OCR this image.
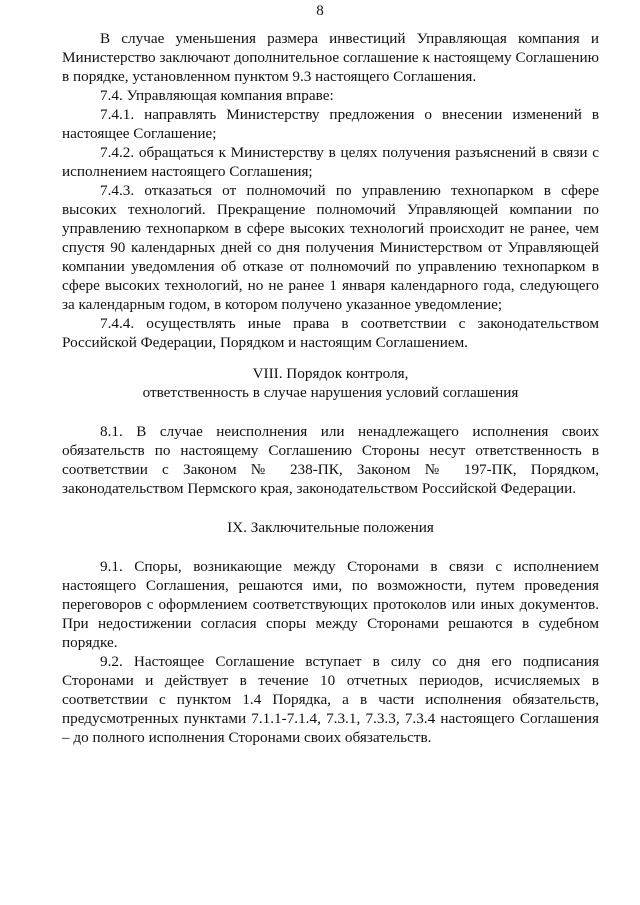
8

В случае уменьшения размера инвестиций Управляющая компания и Министерство заключают дополнительное соглашение к настоящему Соглашению в порядке, установленном пунктом 9.3 настоящего Соглашения.

7.4. Управляющая компания вправе:

7.4.1. направлять Министерству предложения о внесении изменений в настоящее Соглашение;

7.4.2. обращаться к Министерству в целях получения разъяснений в связи с исполнением настоящего Соглашения;

7.4.3. отказаться от полномочий по управлению технопарком в сфере высоких технологий. Прекращение полномочий Управляющей компании по управлению технопарком в сфере высоких технологий происходит не ранее, чем спустя 90 календарных дней со дня получения Министерством от Управляющей компании уведомления об отказе от полномочий по управлению технопарком в сфере высоких технологий, но не ранее 1 января календарного года, следующего за календарным годом, в котором получено указанное уведомление;

7.4.4. осуществлять иные права в соответствии с законодательством Российской Федерации, Порядком и настоящим Соглашением.

VIII. Порядок контроля,

ответственность в случае нарушения условий соглашения

8.1. В случае неисполнения или ненадлежащего исполнения своих обязательств по настоящему Соглашению Стороны несут ответственность в соответствии с Законом № 238-ПК, Законом № 197-ПК, Порядком, законодательством Пермского края, законодательством Российской Федерации.

IX. Заключительные положения

9.1. Споры, возникающие между Сторонами в связи с исполнением настоящего Соглашения, решаются ими, по возможности, путем проведения переговоров с оформлением соответствующих протоколов или иных документов. При недостижении согласия споры между Сторонами решаются в судебном порядке.

9.2. Настоящее Соглашение вступает в силу со дня его подписания Сторонами и действует в течение 10 отчетных периодов, исчисляемых в соответствии с пунктом 1.4 Порядка, а в части исполнения обязательств, предусмотренных пунктами 7.1.1-7.1.4, 7.3.1, 7.3.3, 7.3.4 настоящего Соглашения – до полного исполнения Сторонами своих обязательств.
